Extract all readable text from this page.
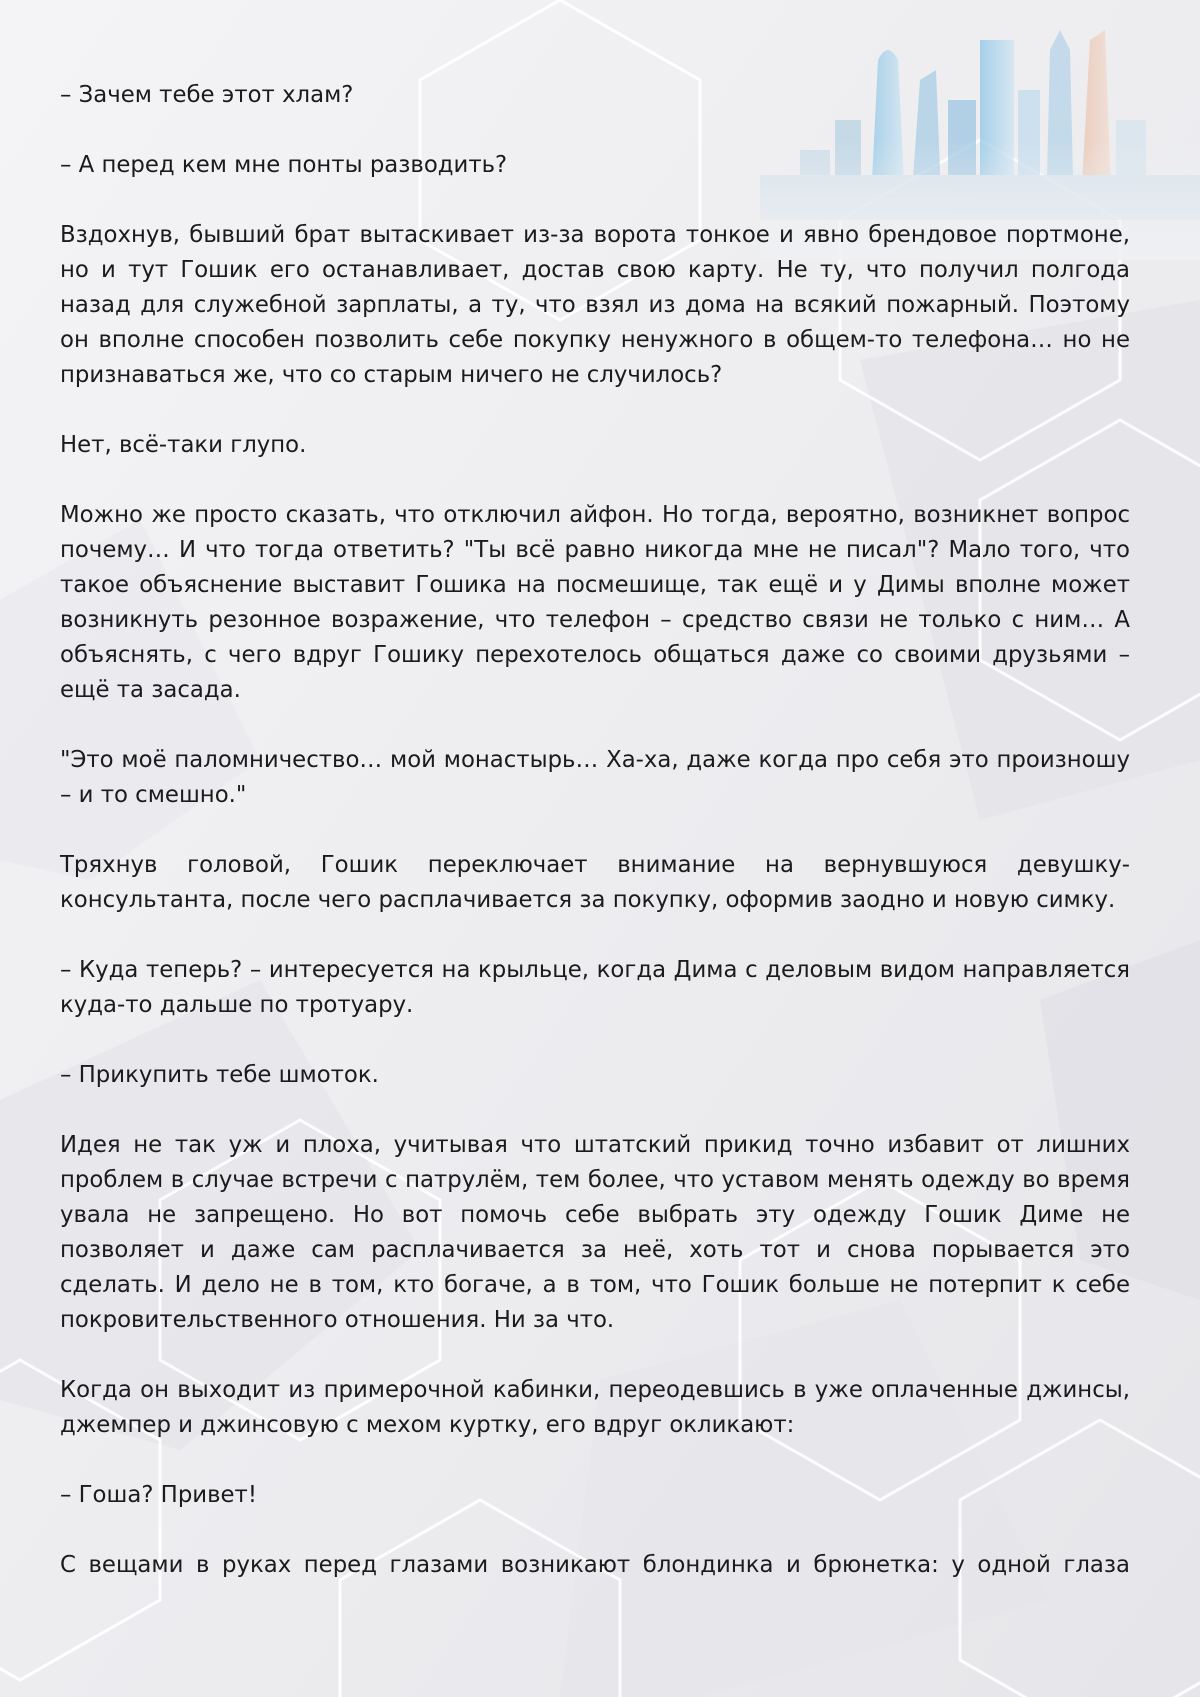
– Зачем тебе этот хлам?

– А перед кем мне понты разводить?

Вздохнув, бывший брат вытаскивает из-за ворота тонкое и явно брендовое портмоне, но и тут Гошик его останавливает, достав свою карту. Не ту, что получил полгода назад для служебной зарплаты, а ту, что взял из дома на всякий пожарный. Поэтому он вполне способен позволить себе покупку ненужного в общем-то телефона… но не признаваться же, что со старым ничего не случилось?

Нет, всё-таки глупо.

Можно же просто сказать, что отключил айфон. Но тогда, вероятно, возникнет вопрос почему… И что тогда ответить? "Ты всё равно никогда мне не писал"? Мало того, что такое объяснение выставит Гошика на посмешище, так ещё и у Димы вполне может возникнуть резонное возражение, что телефон – средство связи не только с ним… А объяснять, с чего вдруг Гошику перехотелось общаться даже со своими друзьями – ещё та засада.

"Это моё паломничество… мой монастырь… Ха-ха, даже когда про себя это произношу – и то смешно."

Тряхнув головой, Гошик переключает внимание на вернувшуюся девушку-консультанта, после чего расплачивается за покупку, оформив заодно и новую симку.

– Куда теперь? – интересуется на крыльце, когда Дима с деловым видом направляется куда-то дальше по тротуару.

– Прикупить тебе шмоток.

Идея не так уж и плоха, учитывая что штатский прикид точно избавит от лишних проблем в случае встречи с патрулём, тем более, что уставом менять одежду во время увала не запрещено. Но вот помочь себе выбрать эту одежду Гошик Диме не позволяет и даже сам расплачивается за неё, хоть тот и снова порывается это сделать. И дело не в том, кто богаче, а в том, что Гошик больше не потерпит к себе покровительственного отношения. Ни за что.

Когда он выходит из примерочной кабинки, переодевшись в уже оплаченные джинсы, джемпер и джинсовую с мехом куртку, его вдруг окликают:

– Гоша? Привет!

С вещами в руках перед глазами возникают блондинка и брюнетка: у одной глаза
